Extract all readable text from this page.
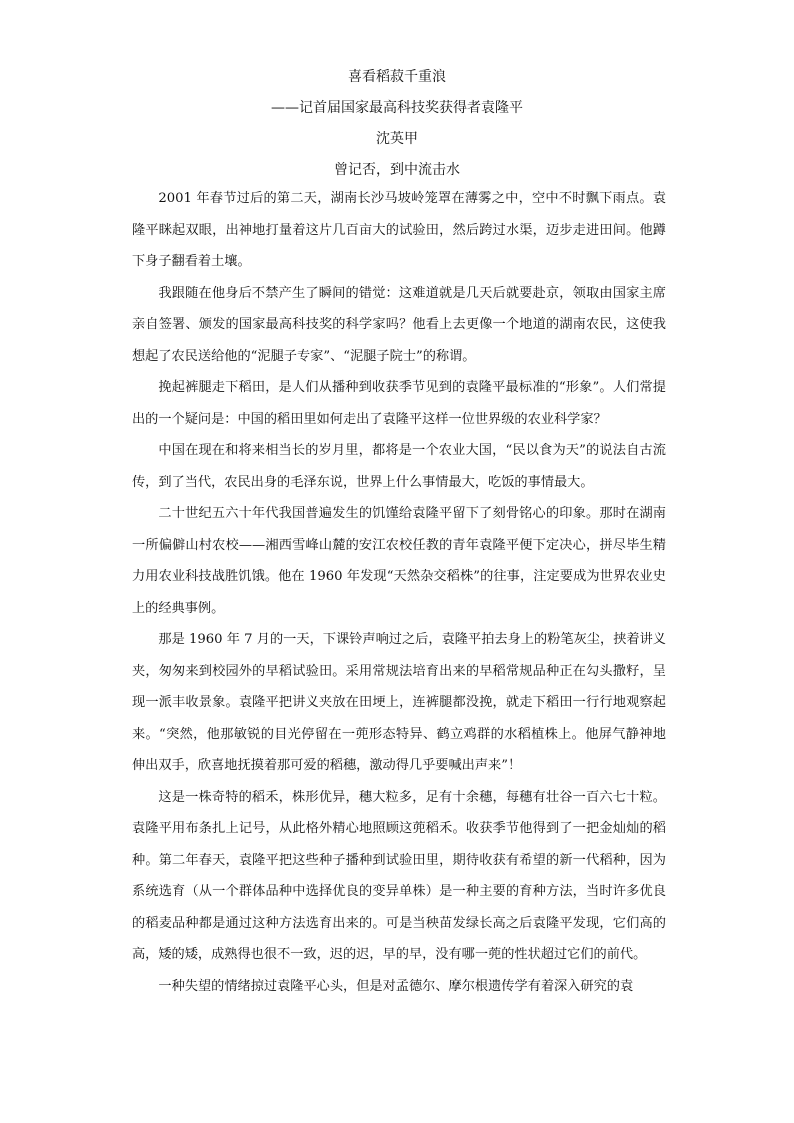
喜看稻菽千重浪
——记首届国家最高科技奖获得者袁隆平
沈英甲
曾记否，到中流击水

2001 年春节过后的第二天，湖南长沙马坡岭笼罩在薄雾之中，空中不时飘下雨点。袁隆平眯起双眼，出神地打量着这片几百亩大的试验田，然后跨过水渠，迈步走进田间。他蹲下身子翻看着土壤。

我跟随在他身后不禁产生了瞬间的错觉：这难道就是几天后就要赴京，领取由国家主席亲自签署、颁发的国家最高科技奖的科学家吗？他看上去更像一个地道的湖南农民，这使我想起了农民送给他的“泥腿子专家”、“泥腿子院士”的称谓。

挽起裤腿走下稻田，是人们从播种到收获季节见到的袁隆平最标准的“形象”。人们常提出的一个疑问是：中国的稻田里如何走出了袁隆平这样一位世界级的农业科学家？

中国在现在和将来相当长的岁月里，都将是一个农业大国，“民以食为天”的说法自古流传，到了当代，农民出身的毛泽东说，世界上什么事情最大，吃饭的事情最大。

二十世纪五六十年代我国普遍发生的饥馑给袁隆平留下了刻骨铭心的印象。那时在湖南一所偏僻山村农校——湘西雪峰山麓的安江农校任教的青年袁隆平便下定决心，拼尽毕生精力用农业科技战胜饥饿。他在 1960 年发现“天然杂交稻株”的往事，注定要成为世界农业史上的经典事例。

那是 1960 年 7 月的一天，下课铃声响过之后，袁隆平拍去身上的粉笔灰尘，挟着讲义夹，匆匆来到校园外的早稻试验田。采用常规法培育出来的早稻常规品种正在勾头撒籽，呈现一派丰收景象。袁隆平把讲义夹放在田埂上，连裤腿都没挽，就走下稻田一行行地观察起来。“突然，他那敏锐的目光停留在一蔸形态特异、鹤立鸡群的水稻植株上。他屏气静神地伸出双手，欣喜地抚摸着那可爱的稻穗，激动得几乎要喊出声来”！

这是一株奇特的稻禾，株形优异，穗大粒多，足有十余穗，每穗有壮谷一百六七十粒。袁隆平用布条扎上记号，从此格外精心地照顾这蔸稻禾。收获季节他得到了一把金灿灿的稻种。第二年春天，袁隆平把这些种子播种到试验田里，期待收获有希望的新一代稻种，因为系统选育（从一个群体品种中选择优良的变异单株）是一种主要的育种方法，当时许多优良的稻麦品种都是通过这种方法选育出来的。可是当秧苗发绿长高之后袁隆平发现，它们高的高，矮的矮，成熟得也很不一致，迟的迟，早的早，没有哪一蔸的性状超过它们的前代。

一种失望的情绪掠过袁隆平心头，但是对孟德尔、摩尔根遗传学有着深入研究的袁
